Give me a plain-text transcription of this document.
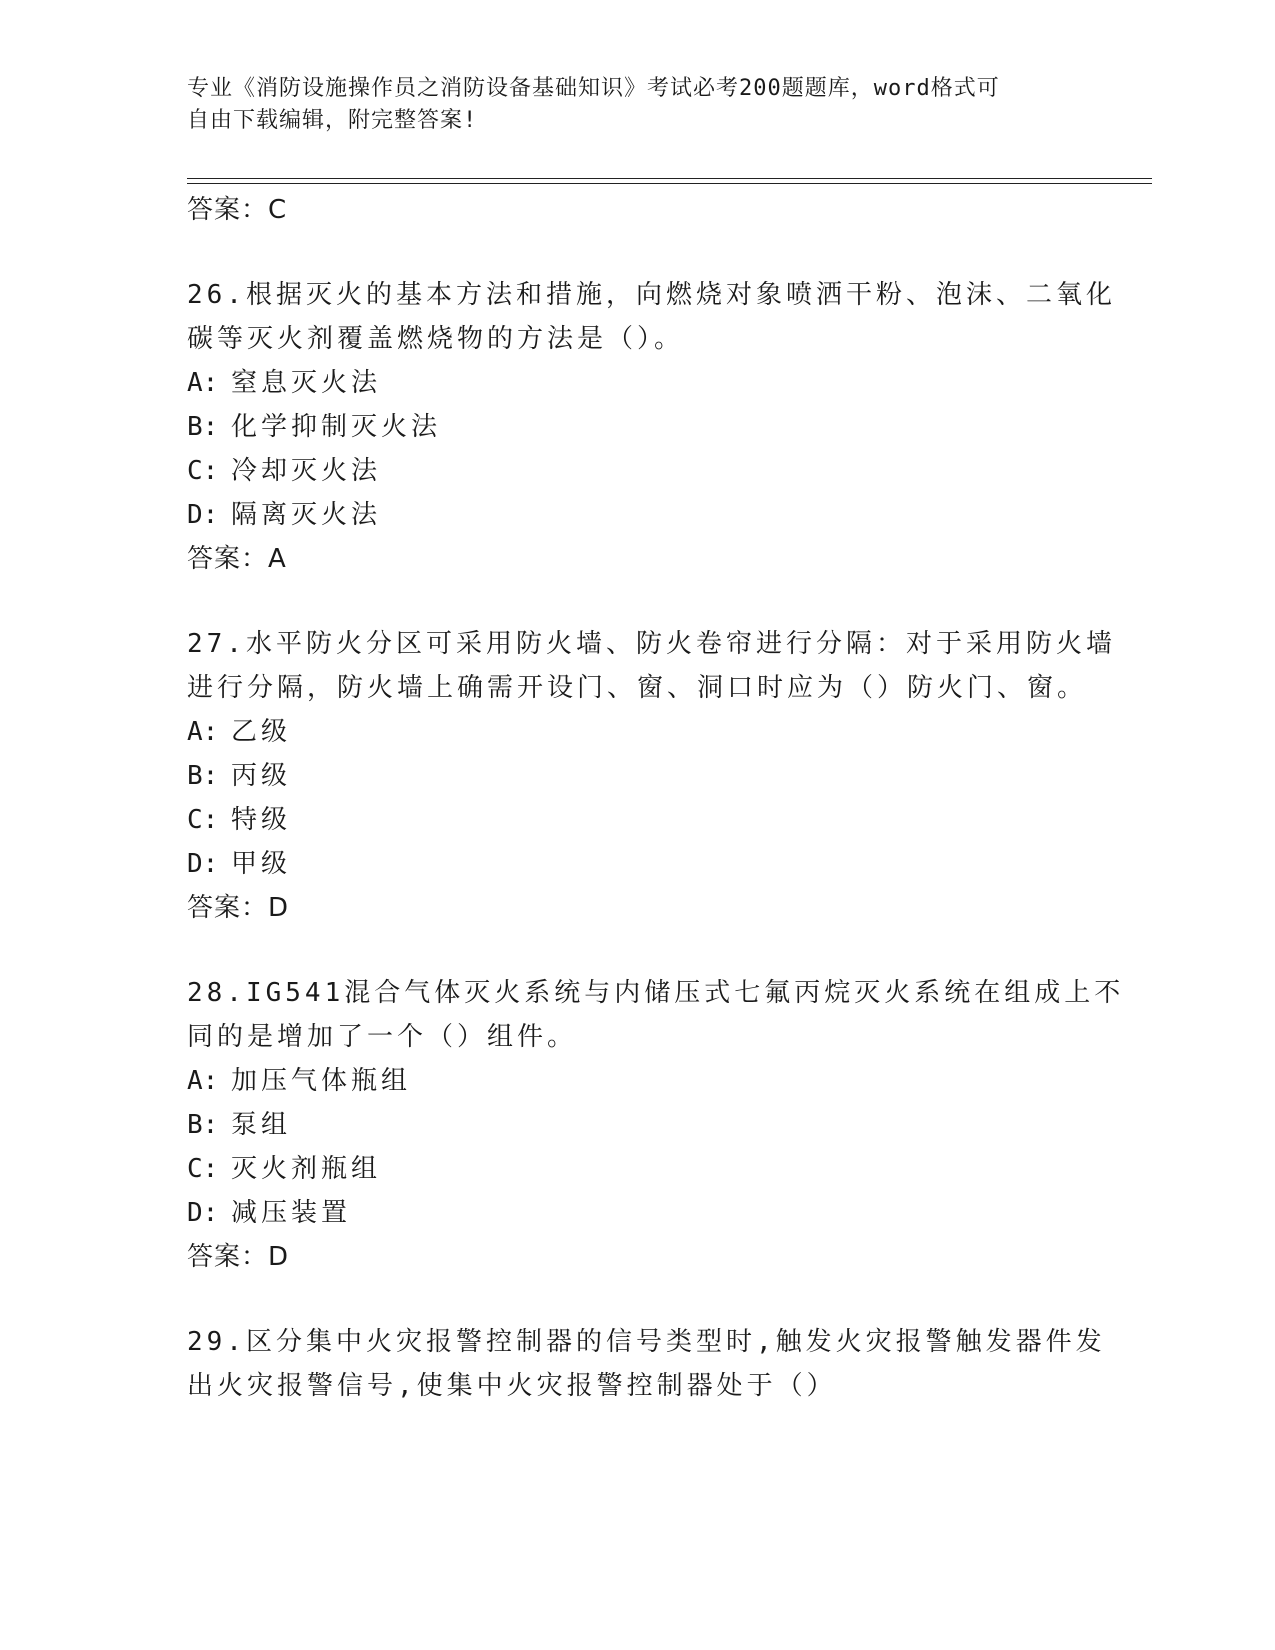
专业《消防设施操作员之消防设备基础知识》考试必考200题题库，word格式可
自由下载编辑，附完整答案!
答案：C
26.根据灭火的基本方法和措施，向燃烧对象喷洒干粉、泡沫、二氧化
碳等灭火剂覆盖燃烧物的方法是（）。
A: 窒息灭火法
B: 化学抑制灭火法
C: 冷却灭火法
D: 隔离灭火法
答案：A
27.水平防火分区可采用防火墙、防火卷帘进行分隔：对于采用防火墙
进行分隔，防火墙上确需开设门、窗、洞口时应为（）防火门、窗。
A: 乙级
B: 丙级
C: 特级
D: 甲级
答案：D
28.IG541混合气体灭火系统与内储压式七氟丙烷灭火系统在组成上不
同的是增加了一个（）组件。
A: 加压气体瓶组
B: 泵组
C: 灭火剂瓶组
D: 减压装置
答案：D
29.区分集中火灾报警控制器的信号类型时,触发火灾报警触发器件发
出火灾报警信号,使集中火灾报警控制器处于（）
